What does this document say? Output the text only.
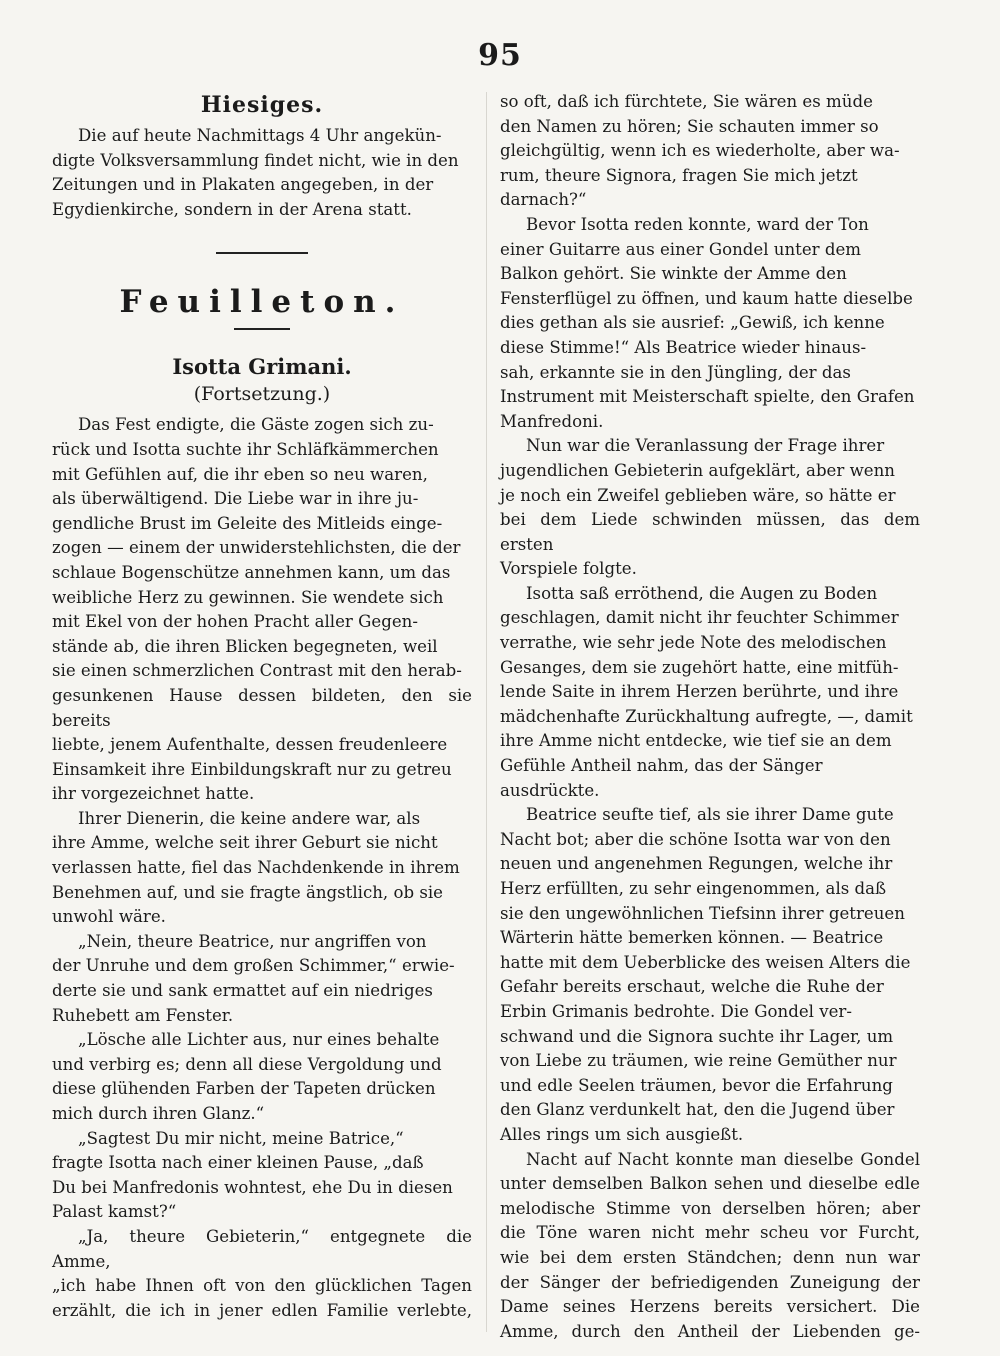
95
Hiesiges.

Die auf heute Nachmittags 4 Uhr angekün-
digte Volksversammlung findet nicht, wie in den
Zeitungen und in Plakaten angegeben, in der
Egydienkirche, sondern in der Arena statt.

Feuilleton.
Isotta Grimani.
(Fortsetzung.)

Das Fest endigte, die Gäste zogen sich zu-
rück und Isotta suchte ihr Schläfkämmerchen
mit Gefühlen auf, die ihr eben so neu waren,
als überwältigend. Die Liebe war in ihre ju-
gendliche Brust im Geleite des Mitleids einge-
zogen — einem der unwiderstehlichsten, die der
schlaue Bogenschütze annehmen kann, um das
weibliche Herz zu gewinnen. Sie wendete sich
mit Ekel von der hohen Pracht aller Gegen-
stände ab, die ihren Blicken begegneten, weil
sie einen schmerzlichen Contrast mit den herab-
gesunkenen Hause dessen bildeten, den sie bereits
liebte, jenem Aufenthalte, dessen freudenleere
Einsamkeit ihre Einbildungskraft nur zu getreu
ihr vorgezeichnet hatte.

Ihrer Dienerin, die keine andere war, als
ihre Amme, welche seit ihrer Geburt sie nicht
verlassen hatte, fiel das Nachdenkende in ihrem
Benehmen auf, und sie fragte ängstlich, ob sie
unwohl wäre.

„Nein, theure Beatrice, nur angriffen von
der Unruhe und dem großen Schimmer,“ erwie-
derte sie und sank ermattet auf ein niedriges
Ruhebett am Fenster.

„Lösche alle Lichter aus, nur eines behalte
und verbirg es; denn all diese Vergoldung und
diese glühenden Farben der Tapeten drücken
mich durch ihren Glanz.“

„Sagtest Du mir nicht, meine Batrice,“
fragte Isotta nach einer kleinen Pause, „daß
Du bei Manfredonis wohntest, ehe Du in diesen
Palast kamst?“

„Ja, theure Gebieterin,“ entgegnete die Amme,
„ich habe Ihnen oft von den glücklichen Tagen
erzählt, die ich in jener edlen Familie verlebte,

so oft, daß ich fürchtete, Sie wären es müde
den Namen zu hören; Sie schauten immer so
gleichgültig, wenn ich es wiederholte, aber wa-
rum, theure Signora, fragen Sie mich jetzt
darnach?“

Bevor Isotta reden konnte, ward der Ton
einer Guitarre aus einer Gondel unter dem
Balkon gehört. Sie winkte der Amme den
Fensterflügel zu öffnen, und kaum hatte dieselbe
dies gethan als sie ausrief: „Gewiß, ich kenne
diese Stimme!“ Als Beatrice wieder hinaus-
sah, erkannte sie in den Jüngling, der das
Instrument mit Meisterschaft spielte, den Grafen
Manfredoni.

Nun war die Veranlassung der Frage ihrer
jugendlichen Gebieterin aufgeklärt, aber wenn
je noch ein Zweifel geblieben wäre, so hätte er
bei dem Liede schwinden müssen, das dem ersten
Vorspiele folgte.

Isotta saß erröthend, die Augen zu Boden
geschlagen, damit nicht ihr feuchter Schimmer
verrathe, wie sehr jede Note des melodischen
Gesanges, dem sie zugehört hatte, eine mitfüh-
lende Saite in ihrem Herzen berührte, und ihre
mädchenhafte Zurückhaltung aufregte, —, damit
ihre Amme nicht entdecke, wie tief sie an dem
Gefühle Antheil nahm, das der Sänger
ausdrückte.

Beatrice seufte tief, als sie ihrer Dame gute
Nacht bot; aber die schöne Isotta war von den
neuen und angenehmen Regungen, welche ihr
Herz erfüllten, zu sehr eingenommen, als daß
sie den ungewöhnlichen Tiefsinn ihrer getreuen
Wärterin hätte bemerken können. — Beatrice
hatte mit dem Ueberblicke des weisen Alters die
Gefahr bereits erschaut, welche die Ruhe der
Erbin Grimanis bedrohte. Die Gondel ver-
schwand und die Signora suchte ihr Lager, um
von Liebe zu träumen, wie reine Gemüther nur
und edle Seelen träumen, bevor die Erfahrung
den Glanz verdunkelt hat, den die Jugend über
Alles rings um sich ausgießt.

Nacht auf Nacht konnte man dieselbe Gondel
unter demselben Balkon sehen und dieselbe edle
melodische Stimme von derselben hören; aber
die Töne waren nicht mehr scheu vor Furcht,
wie bei dem ersten Ständchen; denn nun war
der Sänger der befriedigenden Zuneigung der
Dame seines Herzens bereits versichert. Die
Amme, durch den Antheil der Liebenden ge-
